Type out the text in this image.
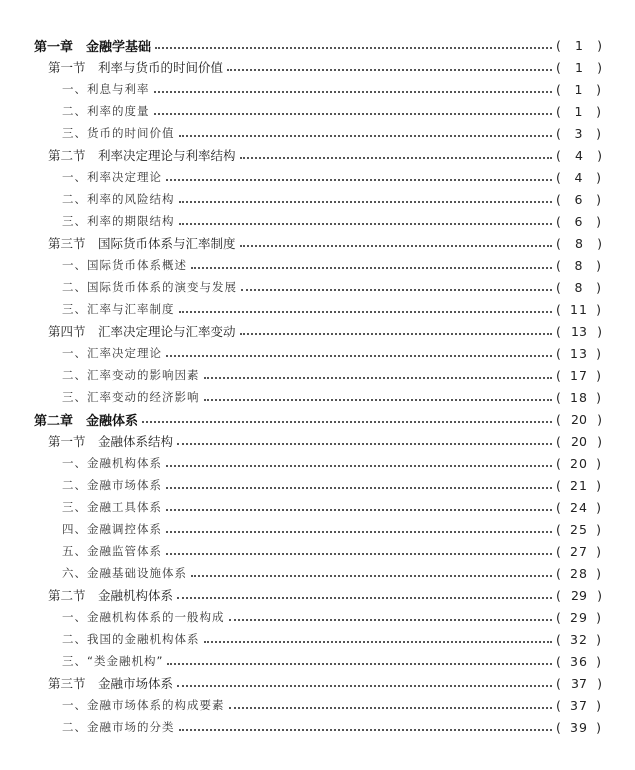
第一章　金融学基础	(	1	)
第一节　利率与货币的时间价值	(	1	)
一、利息与利率	(	1	)
二、利率的度量	(	1	)
三、货币的时间价值	(	3	)
第二节　利率决定理论与利率结构	(	4	)
一、利率决定理论	(	4	)
二、利率的风险结构	(	6	)
三、利率的期限结构	(	6	)
第三节　国际货币体系与汇率制度	(	8	)
一、国际货币体系概述	(	8	)
二、国际货币体系的演变与发展	(	8	)
三、汇率与汇率制度	( 11 )
第四节　汇率决定理论与汇率变动	( 13 )
一、汇率决定理论	( 13 )
二、汇率变动的影响因素	( 17 )
三、汇率变动的经济影响	( 18 )
第二章　金融体系	( 20 )
第一节　金融体系结构	( 20 )
一、金融机构体系	( 20 )
二、金融市场体系	( 21 )
三、金融工具体系	( 24 )
四、金融调控体系	( 25 )
五、金融监管体系	( 27 )
六、金融基础设施体系	( 28 )
第二节　金融机构体系	( 29 )
一、金融机构体系的一般构成	( 29 )
二、我国的金融机构体系	( 32 )
三、“类金融机构”	( 36 )
第三节　金融市场体系	( 37 )
一、金融市场体系的构成要素	( 37 )
二、金融市场的分类	( 39 )
